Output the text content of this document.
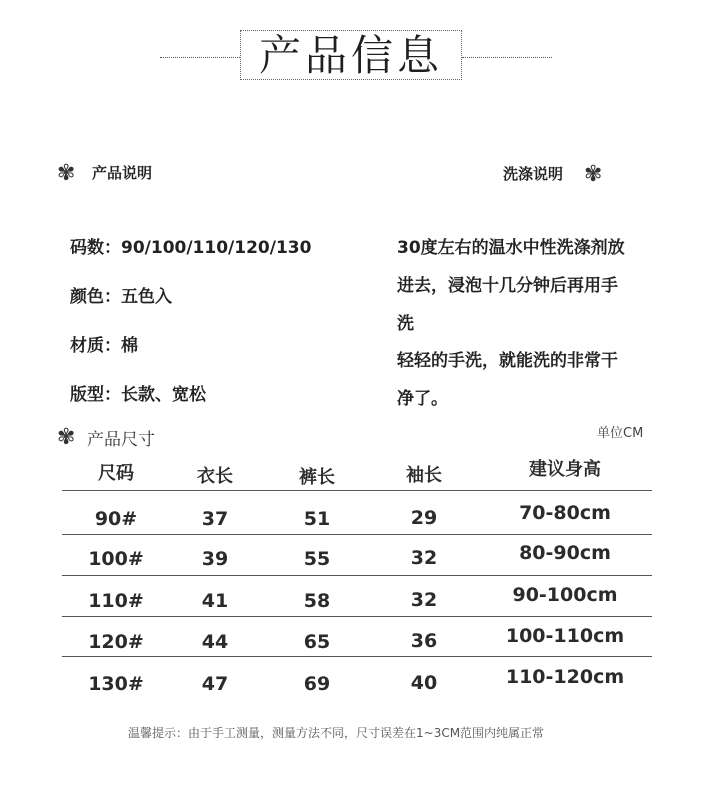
产品信息
✾ 产品说明	洗涤说明 ✾
码数：90/100/110/120/130
颜色：五色入
材质：棉
版型：长款、宽松
30度左右的温水中性洗涤剂放
进去，浸泡十几分钟后再用手
洗
轻轻的手洗，就能洗的非常干
净了。
✾ 产品尺寸	单位CM
尺码	衣长	裤长	袖长	建议身高
90#	37	51	29	70-80cm
100#	39	55	32	80-90cm
110#	41	58	32	90-100cm
120#	44	65	36	100-110cm
130#	47	69	40	110-120cm
温馨提示：由于手工测量，测量方法不同，尺寸误差在1~3CM范围内纯属正常
